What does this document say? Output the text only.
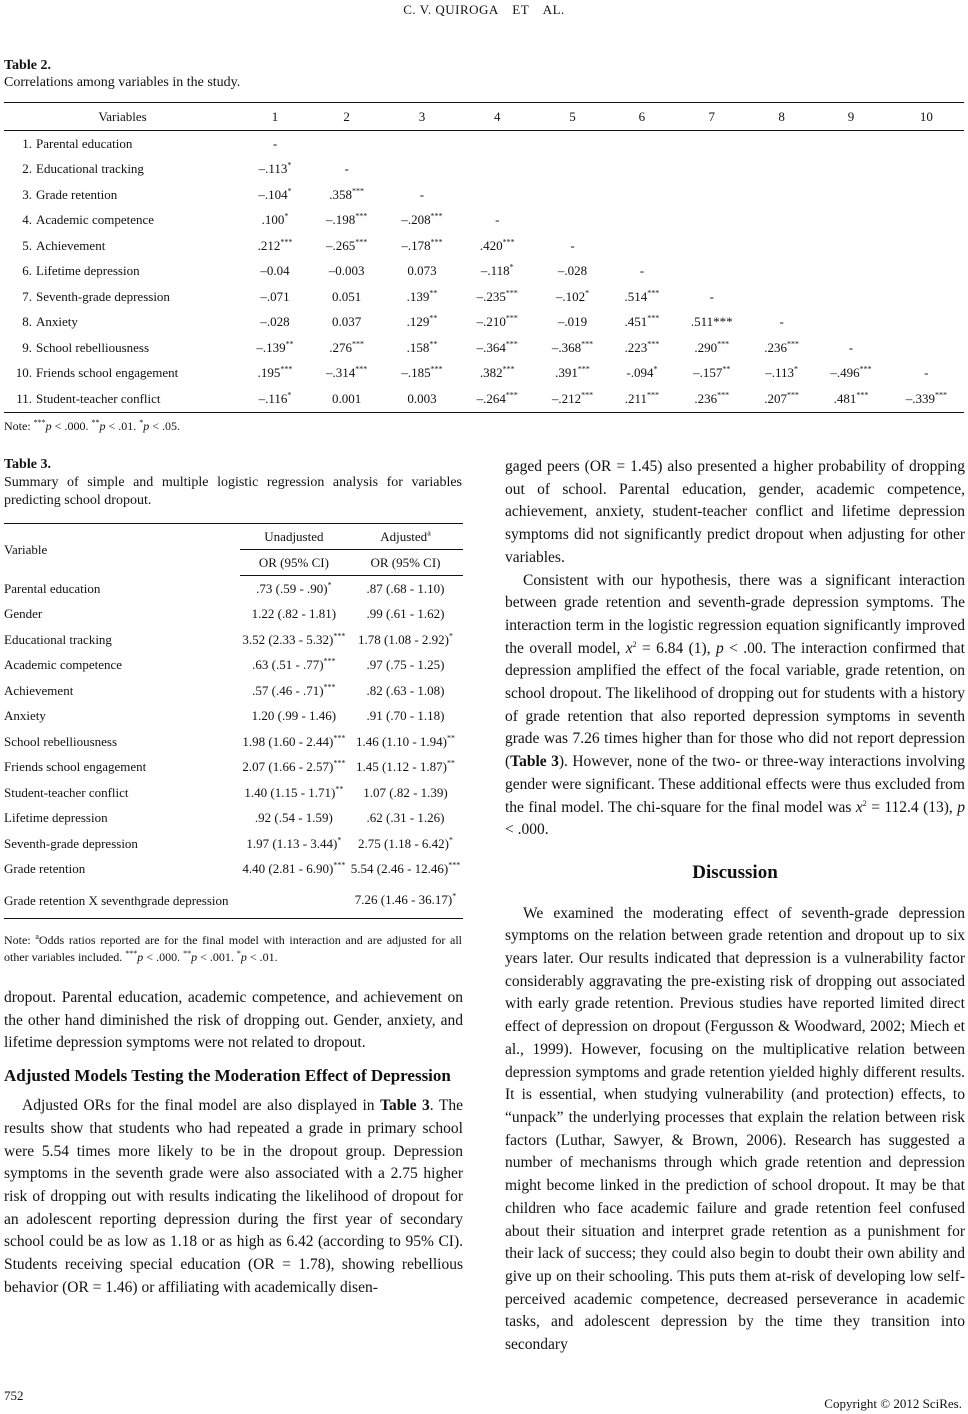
C. V. QUIROGA ET AL.
Table 2.
Correlations among variables in the study.
Variables		1	2	3	4	5	6	7	8	9	10
1.	Parental education	-									
2.	Educational tracking	–.113*	-								
3.	Grade retention	–.104*	.358***	-							
4.	Academic competence	.100*	–.198***	–.208***	-						
5.	Achievement	.212***	–.265***	–.178***	.420***	-					
6.	Lifetime depression	–0.04	–0.003	0.073	–.118*	–.028	-				
7.	Seventh-grade depression	–.071	0.051	.139**	–.235***	–.102*	.514***	-			
8.	Anxiety	–.028	0.037	.129**	–.210***	–.019	.451***	.511***	-		
9.	School rebelliousness	–.139**	.276***	.158**	–.364***	–.368***	.223***	.290***	.236***	-	
10.	Friends school engagement	.195***	–.314***	–.185***	.382***	.391***	-.094*	–.157**	–.113*	–.496***	-
11.	Student-teacher conflict	–.116*	0.001	0.003	–.264***	–.212***	.211***	.236***	.207***	.481***	–.339***
Note: ***p < .000. **p < .01. *p < .05.
Table 3.
Summary of simple and multiple logistic regression analysis for variables predicting school dropout.
Variable	Unadjusted	Adjusted$^a$
	OR (95% CI)	OR (95% CI)
Parental education	.73 (.59 - .90)*	.87 (.68 - 1.10)
Gender	1.22 (.82 - 1.81)	.99 (.61 - 1.62)
Educational tracking	3.52 (2.33 - 5.32)***	1.78 (1.08 - 2.92)*
Academic competence	.63 (.51 - .77)***	.97 (.75 - 1.25)
Achievement	.57 (.46 - .71)***	.82 (.63 - 1.08)
Anxiety	1.20 (.99 - 1.46)	.91 (.70 - 1.18)
School rebelliousness	1.98 (1.60 - 2.44)***	1.46 (1.10 - 1.94)**
Friends school engagement	2.07 (1.66 - 2.57)***	1.45 (1.12 - 1.87)**
Student-teacher conflict	1.40 (1.15 - 1.71)**	1.07 (.82 - 1.39)
Lifetime depression	.92 (.54 - 1.59)	.62 (.31 - 1.26)
Seventh-grade depression	1.97 (1.13 - 3.44)*	2.75 (1.18 - 6.42)*
Grade retention	4.40 (2.81 - 6.90)***	5.54 (2.46 - 12.46)***
Grade retention X seventhgrade depression		7.26 (1.46 - 36.17)*
Note: $^a$Odds ratios reported are for the final model with interaction and are adjusted for all other variables included. ***p < .000. **p < .001. *p < .01.

dropout. Parental education, academic competence, and achievement on the other hand diminished the risk of dropping out. Gender, anxiety, and lifetime depression symptoms were not related to dropout.

Adjusted Models Testing the Moderation Effect of Depression

Adjusted ORs for the final model are also displayed in Table 3. The results show that students who had repeated a grade in primary school were 5.54 times more likely to be in the dropout group. Depression symptoms in the seventh grade were also associated with a 2.75 higher risk of dropping out with results indicating the likelihood of dropout for an adolescent reporting depression during the first year of secondary school could be as low as 1.18 or as high as 6.42 (according to 95% CI). Students receiving special education (OR = 1.78), showing rebellious behavior (OR = 1.46) or affiliating with academically disen-

gaged peers (OR = 1.45) also presented a higher probability of dropping out of school. Parental education, gender, academic competence, achievement, anxiety, student-teacher conflict and lifetime depression symptoms did not significantly predict dropout when adjusting for other variables.

Consistent with our hypothesis, there was a significant interaction between grade retention and seventh-grade depression symptoms. The interaction term in the logistic regression equation significantly improved the overall model, $x^2 = 6.84$ (1), p < .00. The interaction confirmed that depression amplified the effect of the focal variable, grade retention, on school dropout. The likelihood of dropping out for students with a history of grade retention that also reported depression symptoms in seventh grade was 7.26 times higher than for those who did not report depression (Table 3). However, none of the two- or three-way interactions involving gender were significant. These additional effects were thus excluded from the final model. The chi-square for the final model was $x^2 = 112.4$ (13), p < .000.

Discussion

We examined the moderating effect of seventh-grade depression symptoms on the relation between grade retention and dropout up to six years later. Our results indicated that depression is a vulnerability factor considerably aggravating the pre-existing risk of dropping out associated with early grade retention. Previous studies have reported limited direct effect of depression on dropout (Fergusson & Woodward, 2002; Miech et al., 1999). However, focusing on the multiplicative relation between depression symptoms and grade retention yielded highly different results. It is essential, when studying vulnerability (and protection) effects, to “unpack” the underlying processes that explain the relation between risk factors (Luthar, Sawyer, & Brown, 2006). Research has suggested a number of mechanisms through which grade retention and depression might become linked in the prediction of school dropout. It may be that children who face academic failure and grade retention feel confused about their situation and interpret grade retention as a punishment for their lack of success; they could also begin to doubt their own ability and give up on their schooling. This puts them at-risk of developing low self-perceived academic competence, decreased perseverance in academic tasks, and adolescent depression by the time they transition into secondary

752
Copyright © 2012 SciRes.
